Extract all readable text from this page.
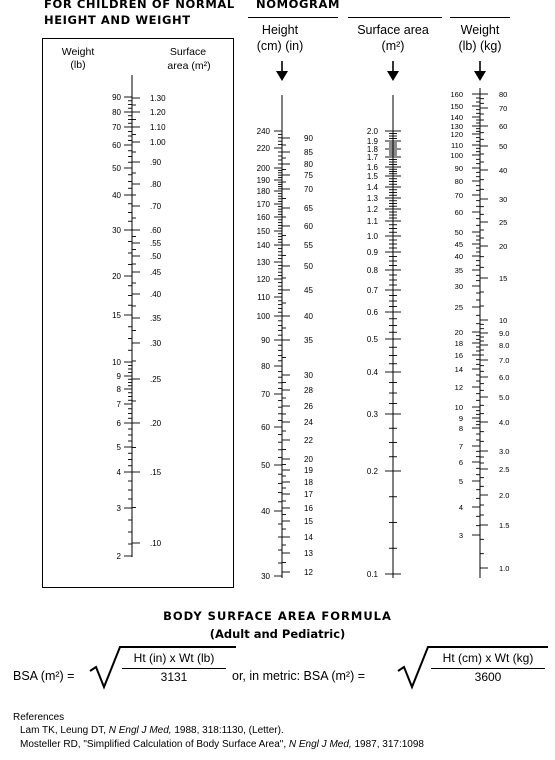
FOR CHILDREN OF NORMAL
HEIGHT AND WEIGHT
NOMOGRAM
Weight
(lb)
Surface
area (m²)
Height
(cm) (in)
Surface area
(m²)
Weight
(lb) (kg)
90
80
70
60
50
40
30
20
15
10
9
8
7
6
5
4
3
2
1.30
1.20
1.10
1.00
.90
.80
.70
.60
.55
.50
.45
.40
.35
.30
.25
.20
.15
.10
240
220
200
190
180
170
160
150
140
130
120
110
100
90
80
70
60
50
40
30
90
85
80
75
70
65
60
55
50
45
40
35
30
28
26
24
22
20
19
18
17
16
15
14
13
12
2.0
1.9
1.8
1.7
1.6
1.5
1.4
1.3
1.2
1.1
1.0
0.9
0.8
0.7
0.6
0.5
0.4
0.3
0.2
0.1
160
150
140
130
120
110
100
90
80
70
60
50
45
40
35
30
25
20
18
16
14
12
10
9
8
7
6
5
4
3
80
70
60
50
40
30
25
20
15
10
9.0
8.0
7.0
6.0
5.0
4.0
3.0
2.5
2.0
1.5
1.0
BODY SURFACE AREA FORMULA
(Adult and Pediatric)
BSA (m²) =
Ht (in) x Wt (lb)
3131	or, in metric: BSA (m²) =
Ht (cm) x Wt (kg)
3600
References
Lam TK, Leung DT, N Engl J Med, 1988, 318:1130, (Letter).
Mosteller RD, "Simplified Calculation of Body Surface Area", N Engl J Med, 1987, 317:1098
